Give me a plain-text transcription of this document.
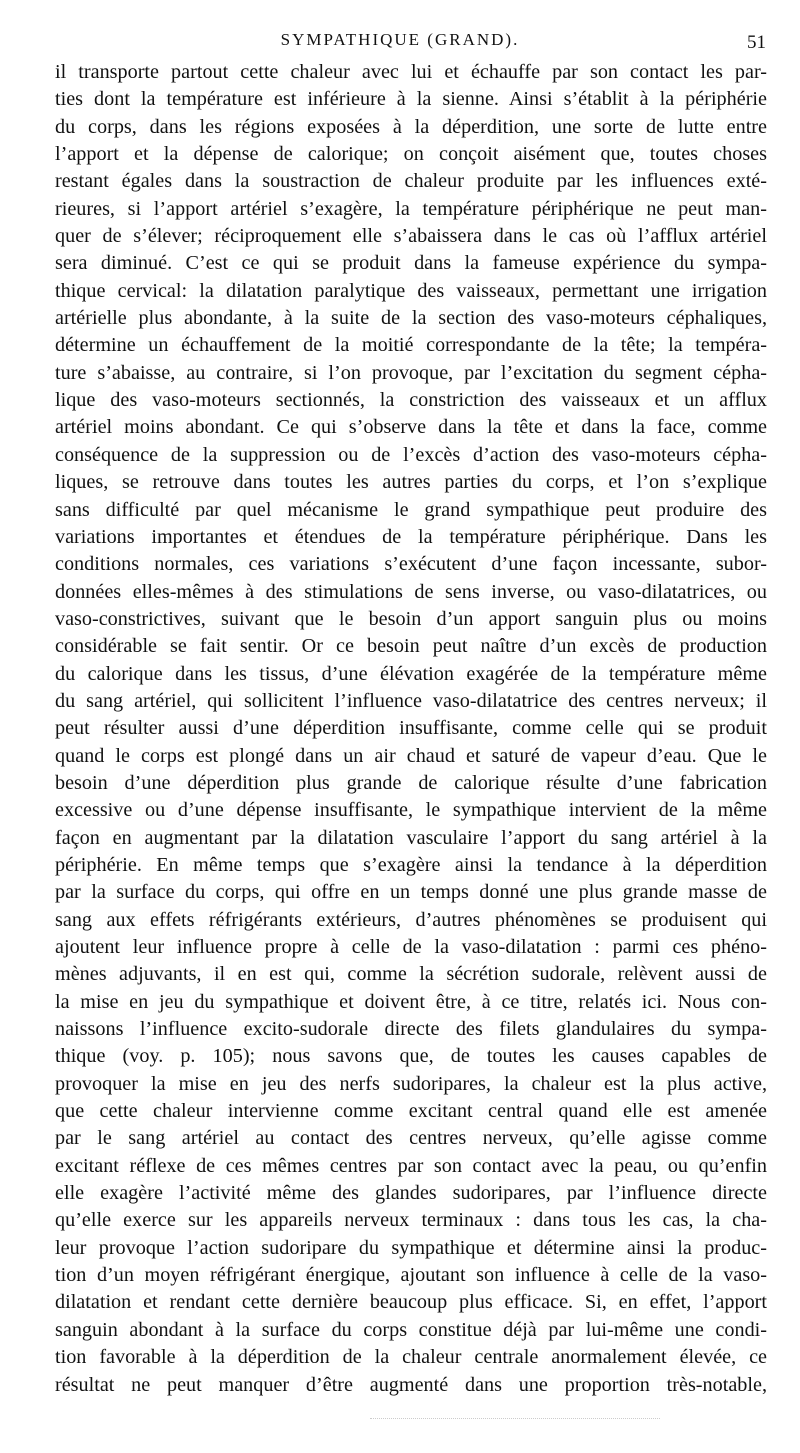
SYMPATHIQUE (GRAND).	51
il transporte partout cette chaleur avec lui et échauffe par son contact les par-
ties dont la température est inférieure à la sienne. Ainsi s’établit à la périphérie
du corps, dans les régions exposées à la déperdition, une sorte de lutte entre
l’apport et la dépense de calorique; on conçoit aisément que, toutes choses
restant égales dans la soustraction de chaleur produite par les influences exté-
rieures, si l’apport artériel s’exagère, la température périphérique ne peut man-
quer de s’élever; réciproquement elle s’abaissera dans le cas où l’afflux artériel
sera diminué. C’est ce qui se produit dans la fameuse expérience du sympa-
thique cervical: la dilatation paralytique des vaisseaux, permettant une irrigation
artérielle plus abondante, à la suite de la section des vaso-moteurs céphaliques,
détermine un échauffement de la moitié correspondante de la tête; la tempéra-
ture s’abaisse, au contraire, si l’on provoque, par l’excitation du segment cépha-
lique des vaso-moteurs sectionnés, la constriction des vaisseaux et un afflux
artériel moins abondant. Ce qui s’observe dans la tête et dans la face, comme
conséquence de la suppression ou de l’excès d’action des vaso-moteurs cépha-
liques, se retrouve dans toutes les autres parties du corps, et l’on s’explique
sans difficulté par quel mécanisme le grand sympathique peut produire des
variations importantes et étendues de la température périphérique. Dans les
conditions normales, ces variations s’exécutent d’une façon incessante, subor-
données elles-mêmes à des stimulations de sens inverse, ou vaso-dilatatrices, ou
vaso-constrictives, suivant que le besoin d’un apport sanguin plus ou moins
considérable se fait sentir. Or ce besoin peut naître d’un excès de production
du calorique dans les tissus, d’une élévation exagérée de la température même
du sang artériel, qui sollicitent l’influence vaso-dilatatrice des centres nerveux; il
peut résulter aussi d’une déperdition insuffisante, comme celle qui se produit
quand le corps est plongé dans un air chaud et saturé de vapeur d’eau. Que le
besoin d’une déperdition plus grande de calorique résulte d’une fabrication
excessive ou d’une dépense insuffisante, le sympathique intervient de la même
façon en augmentant par la dilatation vasculaire l’apport du sang artériel à la
périphérie. En même temps que s’exagère ainsi la tendance à la déperdition
par la surface du corps, qui offre en un temps donné une plus grande masse de
sang aux effets réfrigérants extérieurs, d’autres phénomènes se produisent qui
ajoutent leur influence propre à celle de la vaso-dilatation : parmi ces phéno-
mènes adjuvants, il en est qui, comme la sécrétion sudorale, relèvent aussi de
la mise en jeu du sympathique et doivent être, à ce titre, relatés ici. Nous con-
naissons l’influence excito-sudorale directe des filets glandulaires du sympa-
thique (voy. p. 105); nous savons que, de toutes les causes capables de
provoquer la mise en jeu des nerfs sudoripares, la chaleur est la plus active,
que cette chaleur intervienne comme excitant central quand elle est amenée
par le sang artériel au contact des centres nerveux, qu’elle agisse comme
excitant réflexe de ces mêmes centres par son contact avec la peau, ou qu’enfin
elle exagère l’activité même des glandes sudoripares, par l’influence directe
qu’elle exerce sur les appareils nerveux terminaux : dans tous les cas, la cha-
leur provoque l’action sudoripare du sympathique et détermine ainsi la produc-
tion d’un moyen réfrigérant énergique, ajoutant son influence à celle de la vaso-
dilatation et rendant cette dernière beaucoup plus efficace. Si, en effet, l’apport
sanguin abondant à la surface du corps constitue déjà par lui-même une condi-
tion favorable à la déperdition de la chaleur centrale anormalement élevée, ce
résultat ne peut manquer d’être augmenté dans une proportion très-notable,
